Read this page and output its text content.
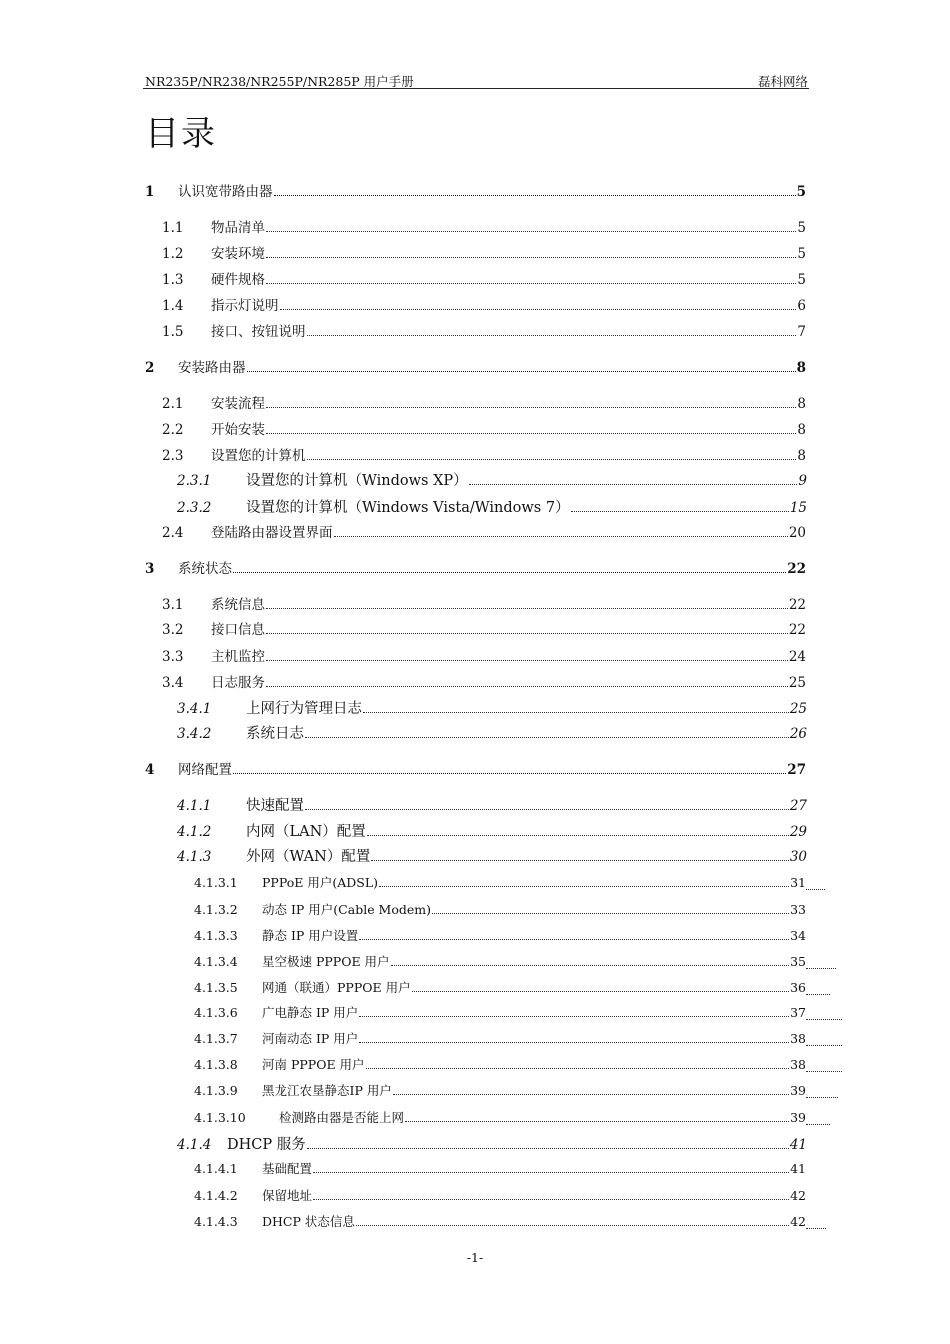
NR235P/NR238/NR255P/NR285P 用户手册	磊科网络
目录
1	认识宽带路由器	5
1.1	物品清单	5
1.2	安装环境	5
1.3	硬件规格	5
1.4	指示灯说明	6
1.5	接口、按钮说明	7
2	安装路由器	8
2.1	安装流程	8
2.2	开始安装	8
2.3	设置您的计算机	8
2.3.1	设置您的计算机（Windows XP）	9
2.3.2	设置您的计算机（Windows Vista/Windows 7）	15
2.4	登陆路由器设置界面	20
3	系统状态	22
3.1	系统信息	22
3.2	接口信息	22
3.3	主机监控	24
3.4	日志服务	25
3.4.1	上网行为管理日志	25
3.4.2	系统日志	26
4	网络配置	27
4.1.1	快速配置	27
4.1.2	内网（LAN）配置	29
4.1.3	外网（WAN）配置	30
4.1.3.1	PPPoE 用户(ADSL)	31
4.1.3.2	动态 IP 用户(Cable Modem)	33
4.1.3.3	静态 IP 用户设置	34
4.1.3.4	星空极速 PPPOE 用户	35
4.1.3.5	网通（联通）PPPOE 用户	36
4.1.3.6	广电静态 IP 用户	37
4.1.3.7	河南动态 IP 用户	38
4.1.3.8	河南 PPPOE 用户	38
4.1.3.9	黑龙江农垦静态IP 用户	39
4.1.3.10	检测路由器是否能上网	39
4.1.4	DHCP 服务	41
4.1.4.1	基础配置	41
4.1.4.2	保留地址	42
4.1.4.3	DHCP 状态信息	42
-1-
